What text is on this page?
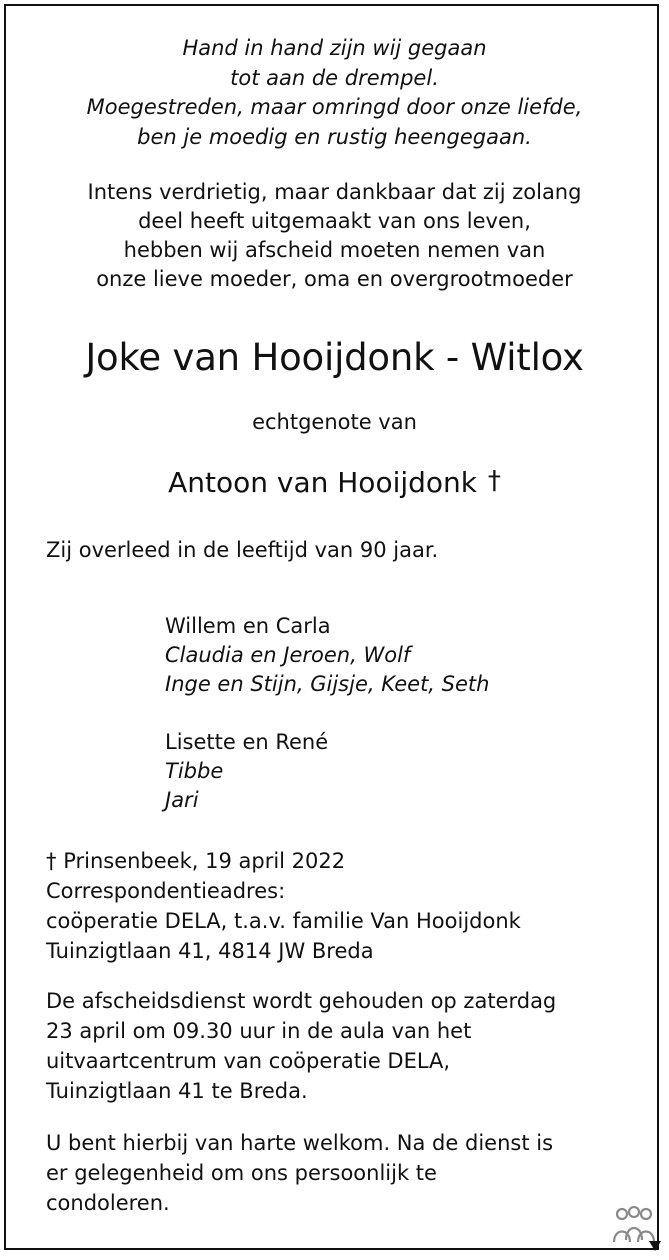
Hand in hand zijn wij gegaan
tot aan de drempel.
Moegestreden, maar omringd door onze liefde,
ben je moedig en rustig heengegaan.
Intens verdrietig, maar dankbaar dat zij zolang
deel heeft uitgemaakt van ons leven,
hebben wij afscheid moeten nemen van
onze lieve moeder, oma en overgrootmoeder
Joke van Hooijdonk - Witlox
echtgenote van
Antoon van Hooijdonk †
Zij overleed in de leeftijd van 90 jaar.
Willem en Carla
Claudia en Jeroen, Wolf
Inge en Stijn, Gijsje, Keet, Seth
Lisette en René
Tibbe
Jari
† Prinsenbeek, 19 april 2022
Correspondentieadres:
coöperatie DELA, t.a.v. familie Van Hooijdonk
Tuinzigtlaan 41, 4814 JW Breda
De afscheidsdienst wordt gehouden op zaterdag
23 april om 09.30 uur in de aula van het
uitvaartcentrum van coöperatie DELA,
Tuinzigtlaan 41 te Breda.
U bent hierbij van harte welkom. Na de dienst is
er gelegenheid om ons persoonlijk te
condoleren.
